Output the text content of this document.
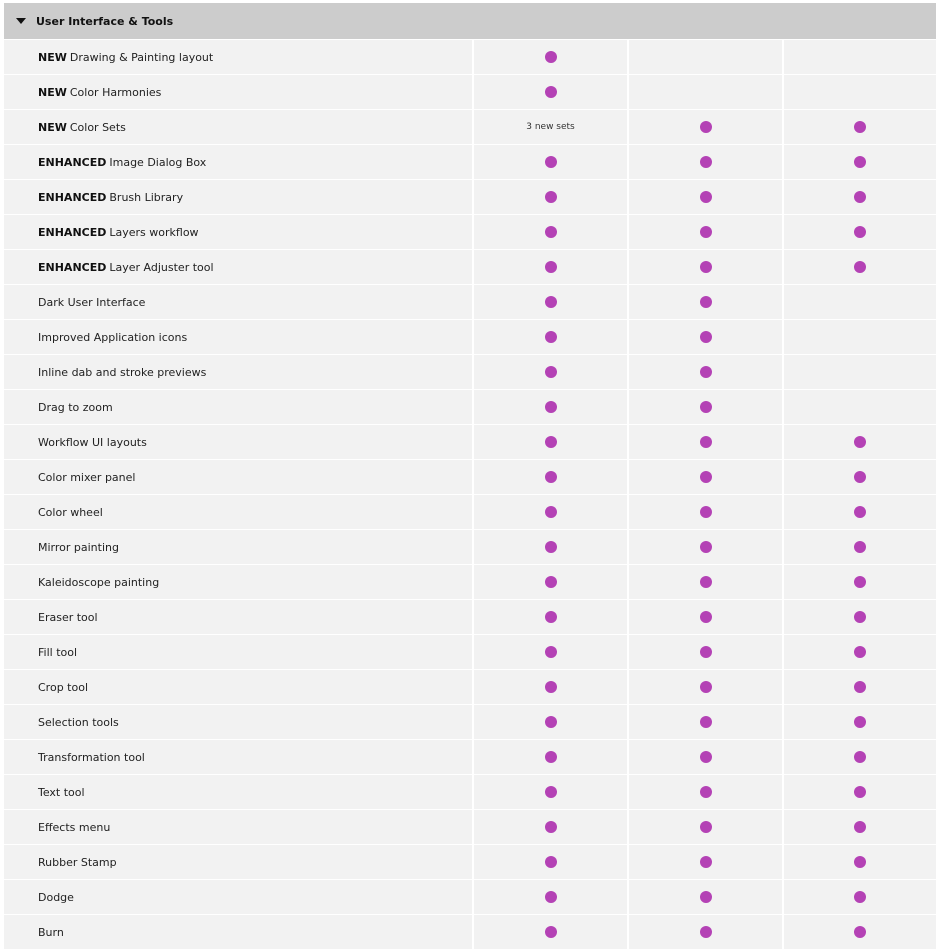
User Interface & Tools
NEW Drawing & Painting layout
NEW Color Harmonies
NEW Color Sets	3 new sets
ENHANCED Image Dialog Box
ENHANCED Brush Library
ENHANCED Layers workflow
ENHANCED Layer Adjuster tool
Dark User Interface
Improved Application icons
Inline dab and stroke previews
Drag to zoom
Workflow UI layouts
Color mixer panel
Color wheel
Mirror painting
Kaleidoscope painting
Eraser tool
Fill tool
Crop tool
Selection tools
Transformation tool
Text tool
Effects menu
Rubber Stamp
Dodge
Burn
